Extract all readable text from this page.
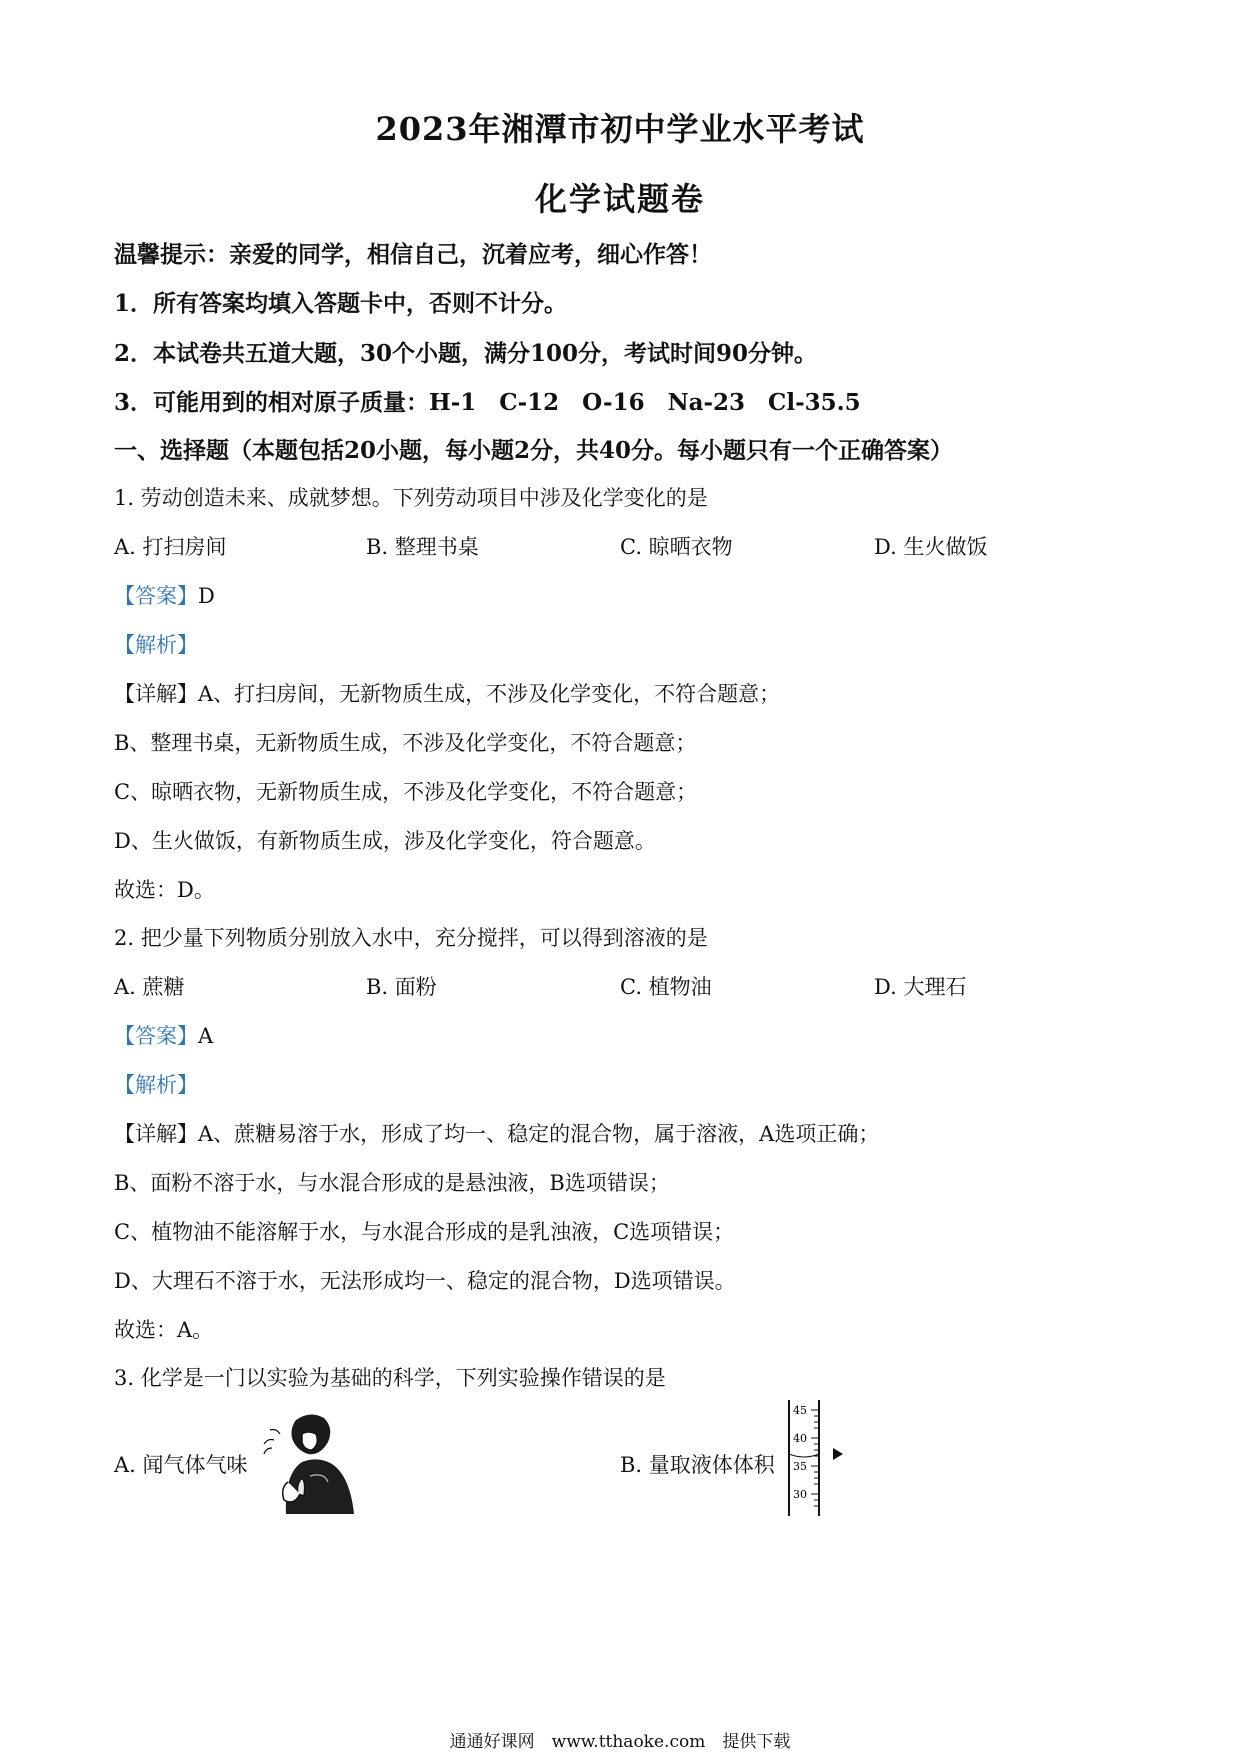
2023年湘潭市初中学业水平考试
化学试题卷
温馨提示：亲爱的同学，相信自己，沉着应考，细心作答！
1．所有答案均填入答题卡中，否则不计分。
2．本试卷共五道大题，30个小题，满分100分，考试时间90分钟。
3．可能用到的相对原子质量：H-1　C-12　O-16　Na-23　Cl-35.5
一、选择题（本题包括20小题，每小题2分，共40分。每小题只有一个正确答案）
1. 劳动创造未来、成就梦想。下列劳动项目中涉及化学变化的是
A. 打扫房间	B. 整理书桌	C. 晾晒衣物	D. 生火做饭
【答案】D
【解析】
【详解】A、打扫房间，无新物质生成，不涉及化学变化，不符合题意；
B、整理书桌，无新物质生成，不涉及化学变化，不符合题意；
C、晾晒衣物，无新物质生成，不涉及化学变化，不符合题意；
D、生火做饭，有新物质生成，涉及化学变化，符合题意。
故选：D。
2. 把少量下列物质分别放入水中，充分搅拌，可以得到溶液的是
A. 蔗糖	B. 面粉	C. 植物油	D. 大理石
【答案】A
【解析】
【详解】A、蔗糖易溶于水，形成了均一、稳定的混合物，属于溶液，A选项正确；
B、面粉不溶于水，与水混合形成的是悬浊液，B选项错误；
C、植物油不能溶解于水，与水混合形成的是乳浊液，C选项错误；
D、大理石不溶于水，无法形成均一、稳定的混合物，D选项错误。
故选：A。
3. 化学是一门以实验为基础的科学，下列实验操作错误的是
A. 闻气体气味	B. 量取液体体积
45
40
35
30
通通好课网　www.tthaoke.com　提供下载
